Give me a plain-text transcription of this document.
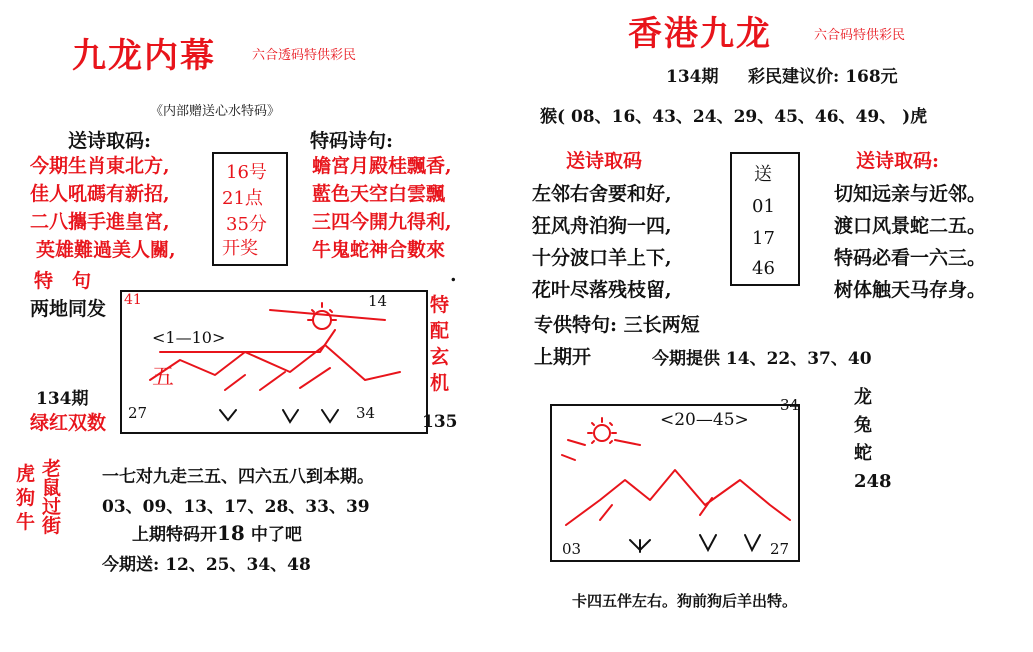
九龙内幕	六合透码特供彩民
《内部赠送心水特码》
送诗取码:
今期生肖東北方,
佳人吼碼有新招,
二八攜手進皇宮,
英雄難過美人關,
16号
21点
35分
开奖
特码诗句:
蟾宮月殿桂飄香,
藍色天空白雲飄
三四今開九得利,
牛鬼蛇神合數來
特　句	.
两地同发 41	14
<1—10>
五
27	34
特
配
玄
机
134期
绿红双数	135
虎
狗
牛
老
鼠
过
街
一七对九走三五、四六五八到本期。
03、09、13、17、28、33、39
上期特码开18 中了吧
今期送: 12、25、34、48
香港九龙	六合码特供彩民
134期 彩民建议价: 168元
猴( 08、16、43、24、29、45、46、49、 )虎
送诗取码
左邻右舍要和好,
狂风舟泊狗一四,
十分波口羊上下,
花叶尽落残枝留,
送
01
17
46
送诗取码:
切知远亲与近邻。
渡口风景蛇二五。
特码必看一六三。
树体触天马存身。
专供特句: 三长两短
上期开	今期提供 14、22、37、40
<20—45>
34
03	27
龙
兔
蛇
248
卡四五伴左右。狗前狗后羊出特。
